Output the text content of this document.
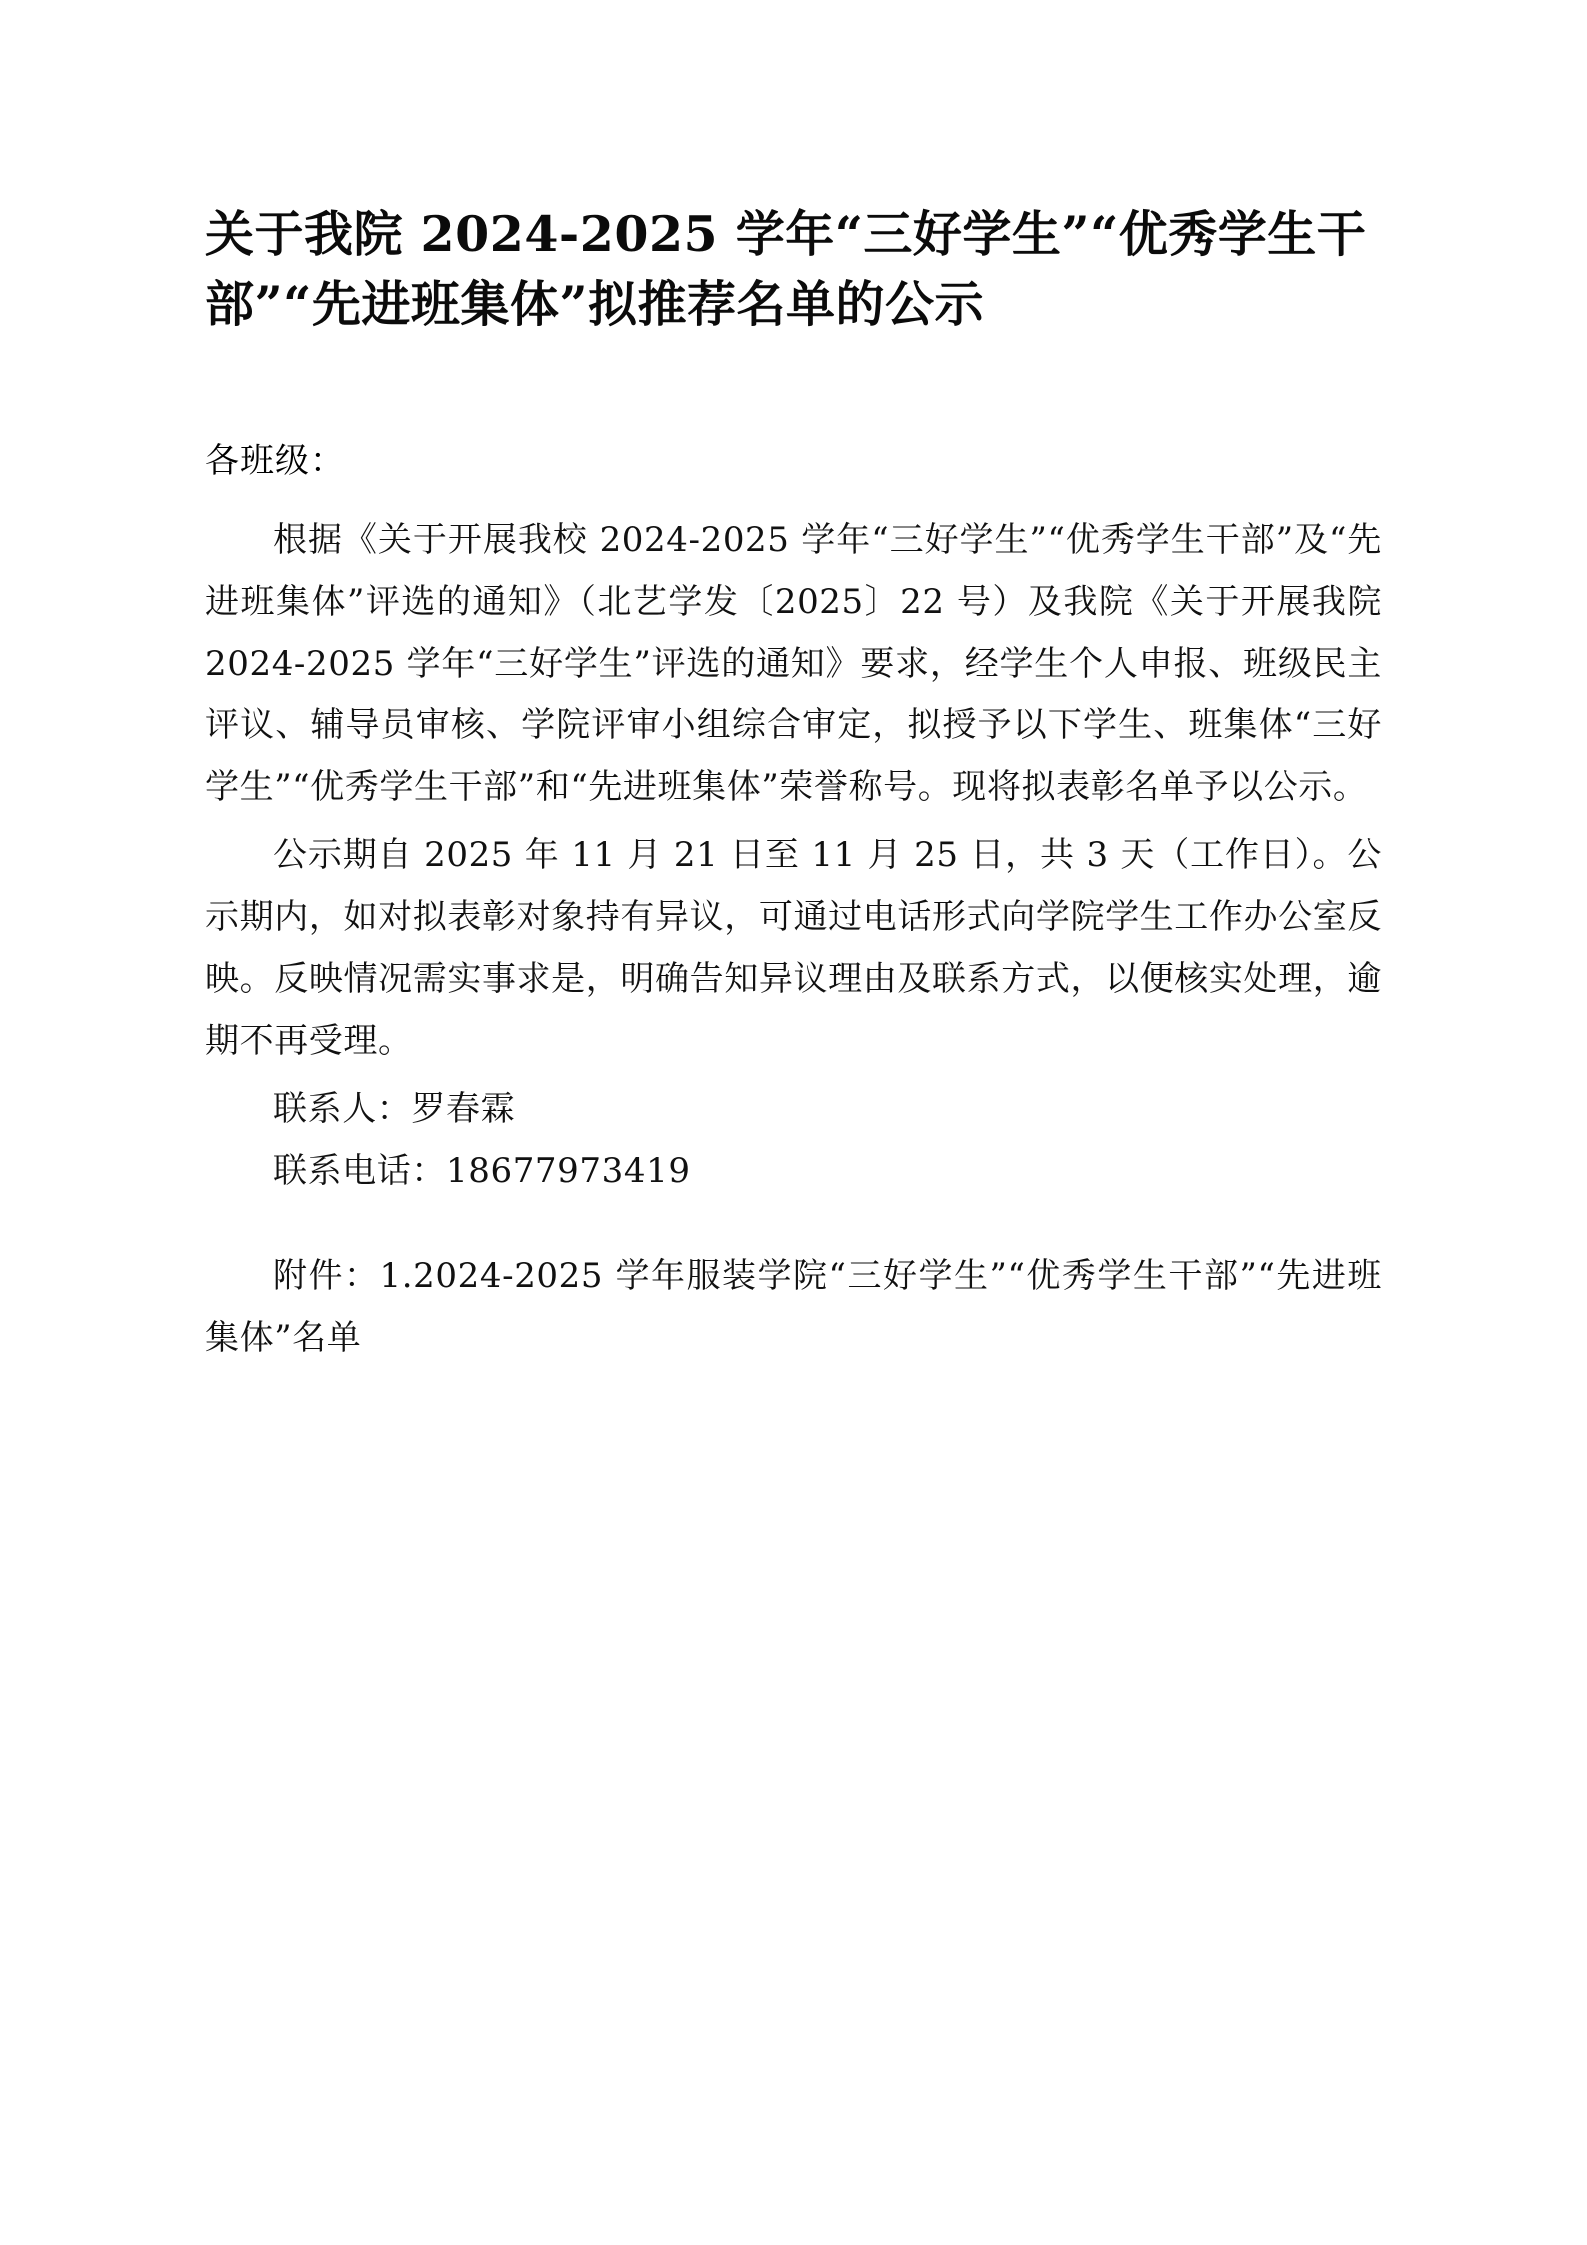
关于我院 2024-2025 学年“三好学生”“优秀学生干部”“先进班集体”拟推荐名单的公示

各班级：

根据《关于开展我校 2024-2025 学年“三好学生”“优秀学生干部”及“先进班集体”评选的通知》（北艺学发〔2025〕22 号）及我院《关于开展我院 2024-2025 学年“三好学生”评选的通知》要求，经学生个人申报、班级民主评议、辅导员审核、学院评审小组综合审定，拟授予以下学生、班集体“三好学生”“优秀学生干部”和“先进班集体”荣誉称号。现将拟表彰名单予以公示。

公示期自 2025 年 11 月 21 日至 11 月 25 日，共 3 天（工作日）。公示期内，如对拟表彰对象持有异议，可通过电话形式向学院学生工作办公室反映。反映情况需实事求是，明确告知异议理由及联系方式，以便核实处理，逾期不再受理。

联系人：罗春霖

联系电话：18677973419

附件：1.2024-2025 学年服装学院“三好学生”“优秀学生干部”“先进班集体”名单
